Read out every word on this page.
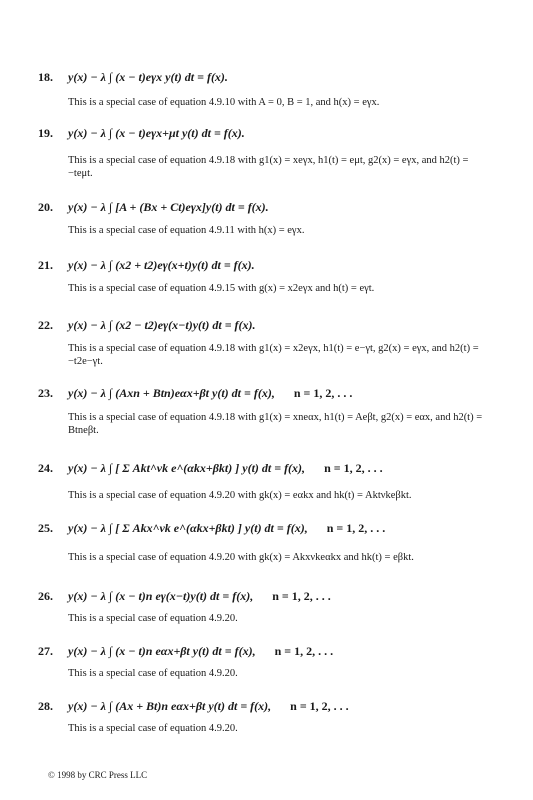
18. y(x) − λ ∫ (x − t)eγx y(t) dt = f(x).
This is a special case of equation 4.9.10 with A = 0, B = 1, and h(x) = eγx.
19. y(x) − λ ∫ (x − t)eγx+μt y(t) dt = f(x).
This is a special case of equation 4.9.18 with g1(x) = xeγx, h1(t) = eμt, g2(x) = eγx, and h2(t) = −teμt.
20. y(x) − λ ∫ [A + (Bx + Ct)eγx]y(t) dt = f(x).
This is a special case of equation 4.9.11 with h(x) = eγx.
21. y(x) − λ ∫ (x2 + t2)eγ(x+t)y(t) dt = f(x).
This is a special case of equation 4.9.15 with g(x) = x2eγx and h(t) = eγt.
22. y(x) − λ ∫ (x2 − t2)eγ(x−t)y(t) dt = f(x).
This is a special case of equation 4.9.18 with g1(x) = x2eγx, h1(t) = e−γt, g2(x) = eγx, and h2(t) = −t2e−γt.
23. y(x) − λ ∫ (Axn + Btn)eαx+βt y(t) dt = f(x), n = 1, 2, . . .
This is a special case of equation 4.9.18 with g1(x) = xneαx, h1(t) = Aeβt, g2(x) = eαx, and h2(t) = Btneβt.
24. y(x) − λ ∫ [ Σ Akt^νk e^(αkx+βkt) ] y(t) dt = f(x), n = 1, 2, . . .
This is a special case of equation 4.9.20 with gk(x) = eαkx and hk(t) = Aktνkeβkt.
25. y(x) − λ ∫ [ Σ Akx^νk e^(αkx+βkt) ] y(t) dt = f(x), n = 1, 2, . . .
This is a special case of equation 4.9.20 with gk(x) = Akxνkeαkx and hk(t) = eβkt.
26. y(x) − λ ∫ (x − t)n eγ(x−t)y(t) dt = f(x), n = 1, 2, . . .
This is a special case of equation 4.9.20.
27. y(x) − λ ∫ (x − t)n eαx+βt y(t) dt = f(x), n = 1, 2, . . .
This is a special case of equation 4.9.20.
28. y(x) − λ ∫ (Ax + Bt)n eαx+βt y(t) dt = f(x), n = 1, 2, . . .
This is a special case of equation 4.9.20.
© 1998 by CRC Press LLC
